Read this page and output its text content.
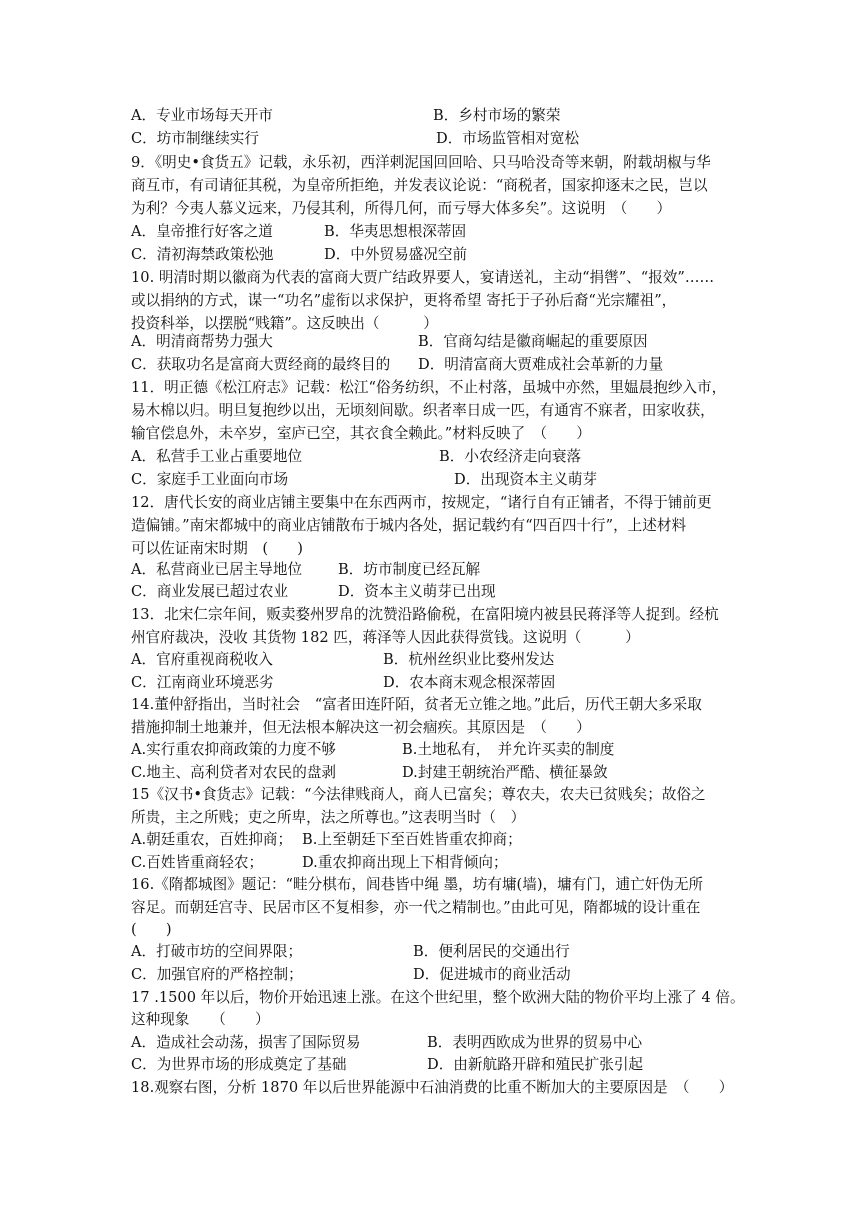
A．专业市场每天开市	B．乡村市场的繁荣
C．坊市制继续实行	D．市场监管相对宽松
9．《明史•食货五》记载，永乐初，西洋剌泥国回回哈、只马哈没奇等来朝，附载胡椒与华
商互市，有司请征其税，为皇帝所拒绝，并发表议论说：“商税者，国家抑逐末之民，岂以
为利？今夷人慕义远来，乃侵其利，所得几何，而亏辱大体多矣”。这说明　（　　）
A．皇帝推行好客之道	B．华夷思想根深蒂固
C．清初海禁政策松弛	D．中外贸易盛况空前
10. 明清时期以徽商为代表的富商大贾广结政界要人，宴请送礼，主动“捐辔”、“报效”……
或以捐纳的方式，谋一“功名”虚衔以求保护，更将希望 寄托于子孙后裔“光宗耀祖”，
投资科举，以摆脱“贱籍”。这反映出（　　　）
A．明清商帮势力强大	B．官商勾结是徽商崛起的重要原因
C．获取功名是富商大贾经商的最终目的 D．明清富商大贾难成社会革新的力量
11．明正德《松江府志》记载：松江“俗务纺织，不止村落，虽城中亦然，里媪晨抱纱入市，
易木棉以归。明旦复抱纱以出，无顷刻间歇。织者率日成一匹，有通宵不寐者，田家收获，
输官偿息外，未卒岁，室庐已空，其衣食全赖此。”材料反映了　（　　）
A．私营手工业占重要地位	B．小农经济走向衰落
C．家庭手工业面向市场	D．出现资本主义萌芽
12．唐代长安的商业店铺主要集中在东西两市，按规定，“诸行自有正铺者，不得于铺前更
造偏铺。”南宋都城中的商业店铺散布于城内各处，据记载约有“四百四十行”，上述材料
可以佐证南宋时期　(　　)
A．私营商业已居主导地位 B．坊市制度已经瓦解
C．商业发展已超过农业	D．资本主义萌芽已出现
13．北宋仁宗年间，贩卖婺州罗帛的沈赞沿路偷税，在富阳境内被县民蒋泽等人捉到。经杭
州官府裁决，没收 其货物 182 匹，蒋泽等人因此获得赏钱。这说明（　　　）
A．官府重视商税收入	B．杭州丝织业比婺州发达
C．江南商业环境恶劣	D．农本商末观念根深蒂固
14.董仲舒指出，当时社会　“富者田连阡陌，贫者无立锥之地。”此后，历代王朝大多采取
措施抑制土地兼并，但无法根本解决这一初会痼疾。其原因是　（　　）
A.实行重农抑商政策的力度不够	B.土地私有，　并允许买卖的制度
C.地主、高利贷者对农民的盘剥	D.封建王朝统治严酷、横征暴敛
15《汉书•食货志》记载：“今法律贱商人，商人已富矣；尊农夫，农夫已贫贱矣；故俗之
所贵，主之所贱；吏之所卑，法之所尊也。”这表明当时（　）
A.朝廷重农，百姓抑商； B.上至朝廷下至百姓皆重农抑商；
C.百姓皆重商轻农；	D.重农抑商出现上下相背倾向；
16.《隋都城图》题记：“畦分棋布，闾巷皆中绳 墨，坊有墉(墙)，墉有门，逋亡奸伪无所
容足。而朝廷宫寺、民居市区不复相参，亦一代之精制也。”由此可见，隋都城的设计重在
(　　)
A．打破市坊的空间界限；	B．便利居民的交通出行
C．加强官府的严格控制；	D．促进城市的商业活动
17 .1500 年以后，物价开始迅速上涨。在这个世纪里，整个欧洲大陆的物价平均上涨了 4 倍。
这种现象　　（　　）
A．造成社会动荡，损害了国际贸易	B．表明西欧成为世界的贸易中心
C．为世界市场的形成奠定了基础	D．由新航路开辟和殖民扩张引起
18.观察右图，分析 1870 年以后世界能源中石油消费的比重不断加大的主要原因是　（　　）
